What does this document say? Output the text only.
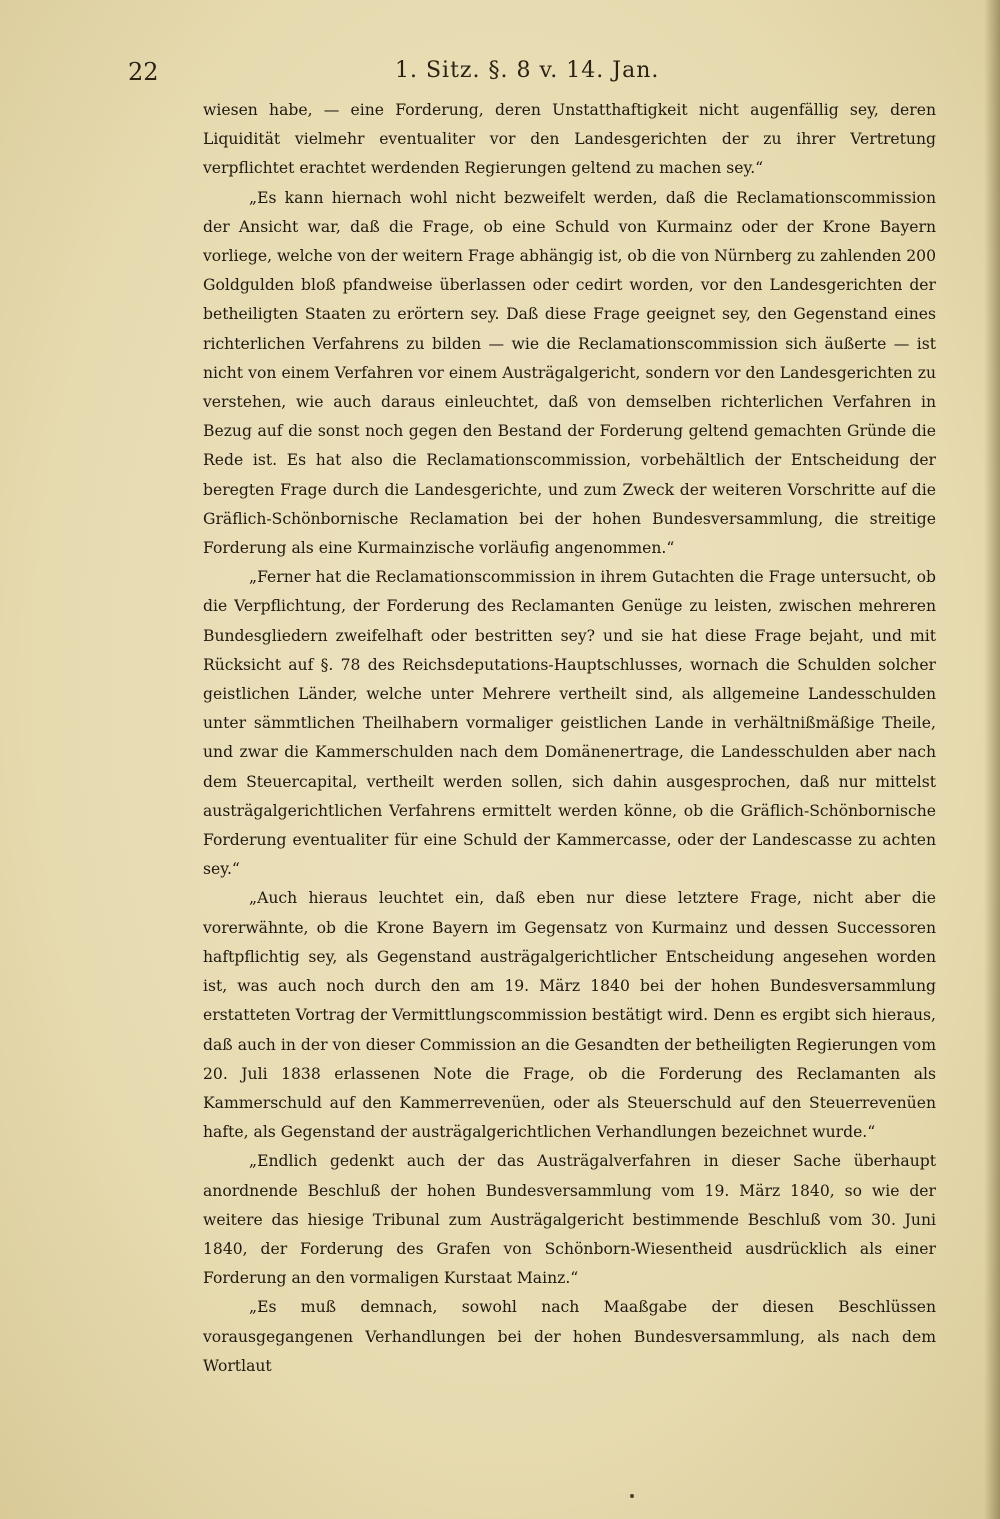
22	1. Sitz. §. 8 v. 14. Jan.

wiesen habe, — eine Forderung, deren Unstatthaftigkeit nicht augenfällig sey, deren Liquidität vielmehr eventualiter vor den Landesgerichten der zu ihrer Vertretung verpflichtet erachtet werdenden Regierungen geltend zu machen sey.“

„Es kann hiernach wohl nicht bezweifelt werden, daß die Reclamationscommission der Ansicht war, daß die Frage, ob eine Schuld von Kurmainz oder der Krone Bayern vorliege, welche von der weitern Frage abhängig ist, ob die von Nürnberg zu zahlenden 200 Goldgulden bloß pfandweise überlassen oder cedirt worden, vor den Landesgerichten der betheiligten Staaten zu erörtern sey. Daß diese Frage geeignet sey, den Gegenstand eines richterlichen Verfahrens zu bilden — wie die Reclamationscommission sich äußerte — ist nicht von einem Verfahren vor einem Austrägalgericht, sondern vor den Landesgerichten zu verstehen, wie auch daraus einleuchtet, daß von demselben richterlichen Verfahren in Bezug auf die sonst noch gegen den Bestand der Forderung geltend gemachten Gründe die Rede ist. Es hat also die Reclamationscommission, vorbehältlich der Entscheidung der beregten Frage durch die Landesgerichte, und zum Zweck der weiteren Vorschritte auf die Gräflich-Schönbornische Reclamation bei der hohen Bundesversammlung, die streitige Forderung als eine Kurmainzische vorläufig angenommen.“

„Ferner hat die Reclamationscommission in ihrem Gutachten die Frage untersucht, ob die Verpflichtung, der Forderung des Reclamanten Genüge zu leisten, zwischen mehreren Bundesgliedern zweifelhaft oder bestritten sey? und sie hat diese Frage bejaht, und mit Rücksicht auf §. 78 des Reichsdeputations-Hauptschlusses, wornach die Schulden solcher geistlichen Länder, welche unter Mehrere vertheilt sind, als allgemeine Landesschulden unter sämmtlichen Theilhabern vormaliger geistlichen Lande in verhältnißmäßige Theile, und zwar die Kammerschulden nach dem Domänenertrage, die Landesschulden aber nach dem Steuercapital, vertheilt werden sollen, sich dahin ausgesprochen, daß nur mittelst austrägalgerichtlichen Verfahrens ermittelt werden könne, ob die Gräflich-Schönbornische Forderung eventualiter für eine Schuld der Kammercasse, oder der Landescasse zu achten sey.“

„Auch hieraus leuchtet ein, daß eben nur diese letztere Frage, nicht aber die vorerwähnte, ob die Krone Bayern im Gegensatz von Kurmainz und dessen Successoren haftpflichtig sey, als Gegenstand austrägalgerichtlicher Entscheidung angesehen worden ist, was auch noch durch den am 19. März 1840 bei der hohen Bundesversammlung erstatteten Vortrag der Vermittlungscommission bestätigt wird. Denn es ergibt sich hieraus, daß auch in der von dieser Commission an die Gesandten der betheiligten Regierungen vom 20. Juli 1838 erlassenen Note die Frage, ob die Forderung des Reclamanten als Kammerschuld auf den Kammerrevenüen, oder als Steuerschuld auf den Steuerrevenüen hafte, als Gegenstand der austrägalgerichtlichen Verhandlungen bezeichnet wurde.“

„Endlich gedenkt auch der das Austrägalverfahren in dieser Sache überhaupt anordnende Beschluß der hohen Bundesversammlung vom 19. März 1840, so wie der weitere das hiesige Tribunal zum Austrägalgericht bestimmende Beschluß vom 30. Juni 1840, der Forderung des Grafen von Schönborn-Wiesentheid ausdrücklich als einer Forderung an den vormaligen Kurstaat Mainz.“

„Es muß demnach, sowohl nach Maaßgabe der diesen Beschlüssen vorausgegangenen Verhandlungen bei der hohen Bundesversammlung, als nach dem Wortlaut
